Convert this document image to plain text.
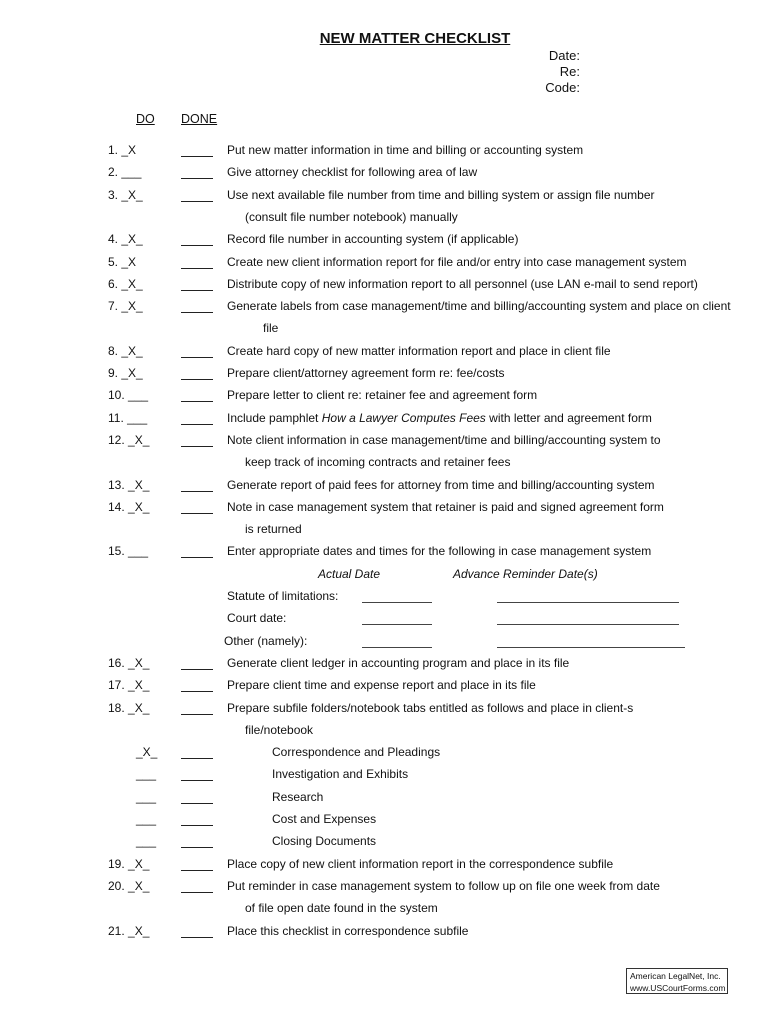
NEW MATTER CHECKLIST
Date:
Re:
Code:
DO DONE
1. _X	Put new matter information in time and billing or accounting system
2. ___	Give attorney checklist for following area of law
3. _X_	Use next available file number from time and billing system or assign file number
(consult file number notebook) manually
4. _X_	Record file number in accounting system (if applicable)
5. _X	Create new client information report for file and/or entry into case management system
6. _X_	Distribute copy of new information report to all personnel (use LAN e-mail to send report)
7. _X_	Generate labels from case management/time and billing/accounting system and place on client
file
8. _X_	Create hard copy of new matter information report and place in client file
9. _X_	Prepare client/attorney agreement form re: fee/costs
10. ___	Prepare letter to client re: retainer fee and agreement form
11. ___	Include pamphlet How a Lawyer Computes Fees with letter and agreement form
12. _X_	Note client information in case management/time and billing/accounting system to
keep track of incoming contracts and retainer fees
13. _X_	Generate report of paid fees for attorney from time and billing/accounting system
14. _X_	Note in case management system that retainer is paid and signed agreement form
is returned
15. ___	Enter appropriate dates and times for the following in case management system
Actual Date	Advance Reminder Date(s)
Statute of limitations:
Court date:
Other (namely):
16. _X_	Generate client ledger in accounting program and place in its file
17. _X_	Prepare client time and expense report and place in its file
18. _X_	Prepare subfile folders/notebook tabs entitled as follows and place in client-s
file/notebook
_X_	Correspondence and Pleadings
___	Investigation and Exhibits
___	Research
___	Cost and Expenses
___	Closing Documents
19. _X_	Place copy of new client information report in the correspondence subfile
20. _X_	Put reminder in case management system to follow up on file one week from date
of file open date found in the system
21. _X_	Place this checklist in correspondence subfile
American LegalNet, Inc.
www.USCourtForms.com
